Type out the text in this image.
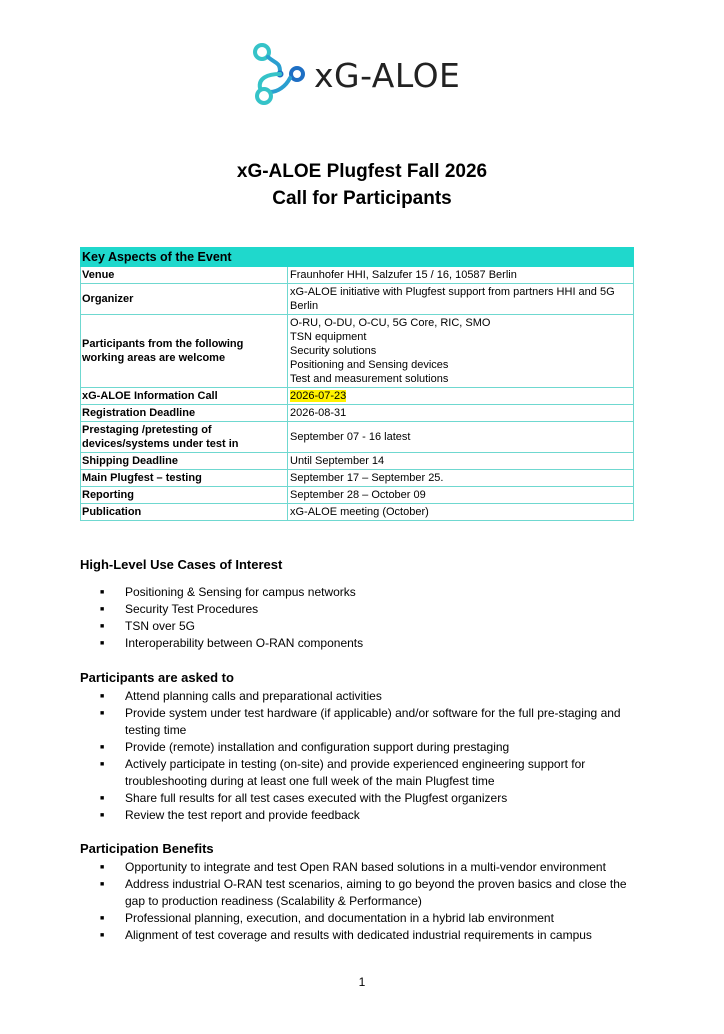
xG-ALOE
xG-ALOE Plugfest Fall 2026
Call for Participants
Key Aspects of the Event	
Venue	Fraunhofer HHI, Salzufer 15 / 16, 10587 Berlin
Organizer	xG-ALOE initiative with Plugfest support from partners HHI and 5G Berlin
Participants from the following working areas are welcome	O-RU, O-DU, O-CU, 5G Core, RIC, SMO
TSN equipment
Security solutions
Positioning and Sensing devices
Test and measurement solutions

xG-ALOE Information Call	2026-07-23
Registration Deadline	2026-08-31
Prestaging /pretesting of devices/systems under test in	September 07 - 16 latest
Shipping Deadline	Until September 14
Main Plugfest – testing	September 17 – September 25.
Reporting	September 28 – October 09
Publication	xG-ALOE meeting (October)
High-Level Use Cases of Interest
■ Positioning & Sensing for campus networks
■ Security Test Procedures
■ TSN over 5G
■ Interoperability between O-RAN components
Participants are asked to
■ Attend planning calls and preparational activities
■ Provide system under test hardware (if applicable) and/or software for the full pre-staging and testing time
■ Provide (remote) installation and configuration support during prestaging
■ Actively participate in testing (on-site) and provide experienced engineering support for troubleshooting during at least one full week of the main Plugfest time
■ Share full results for all test cases executed with the Plugfest organizers
■ Review the test report and provide feedback
Participation Benefits
■ Opportunity to integrate and test Open RAN based solutions in a multi-vendor environment
■ Address industrial O-RAN test scenarios, aiming to go beyond the proven basics and close the gap to production readiness (Scalability & Performance)
■ Professional planning, execution, and documentation in a hybrid lab environment
■ Alignment of test coverage and results with dedicated industrial requirements in campus
1
